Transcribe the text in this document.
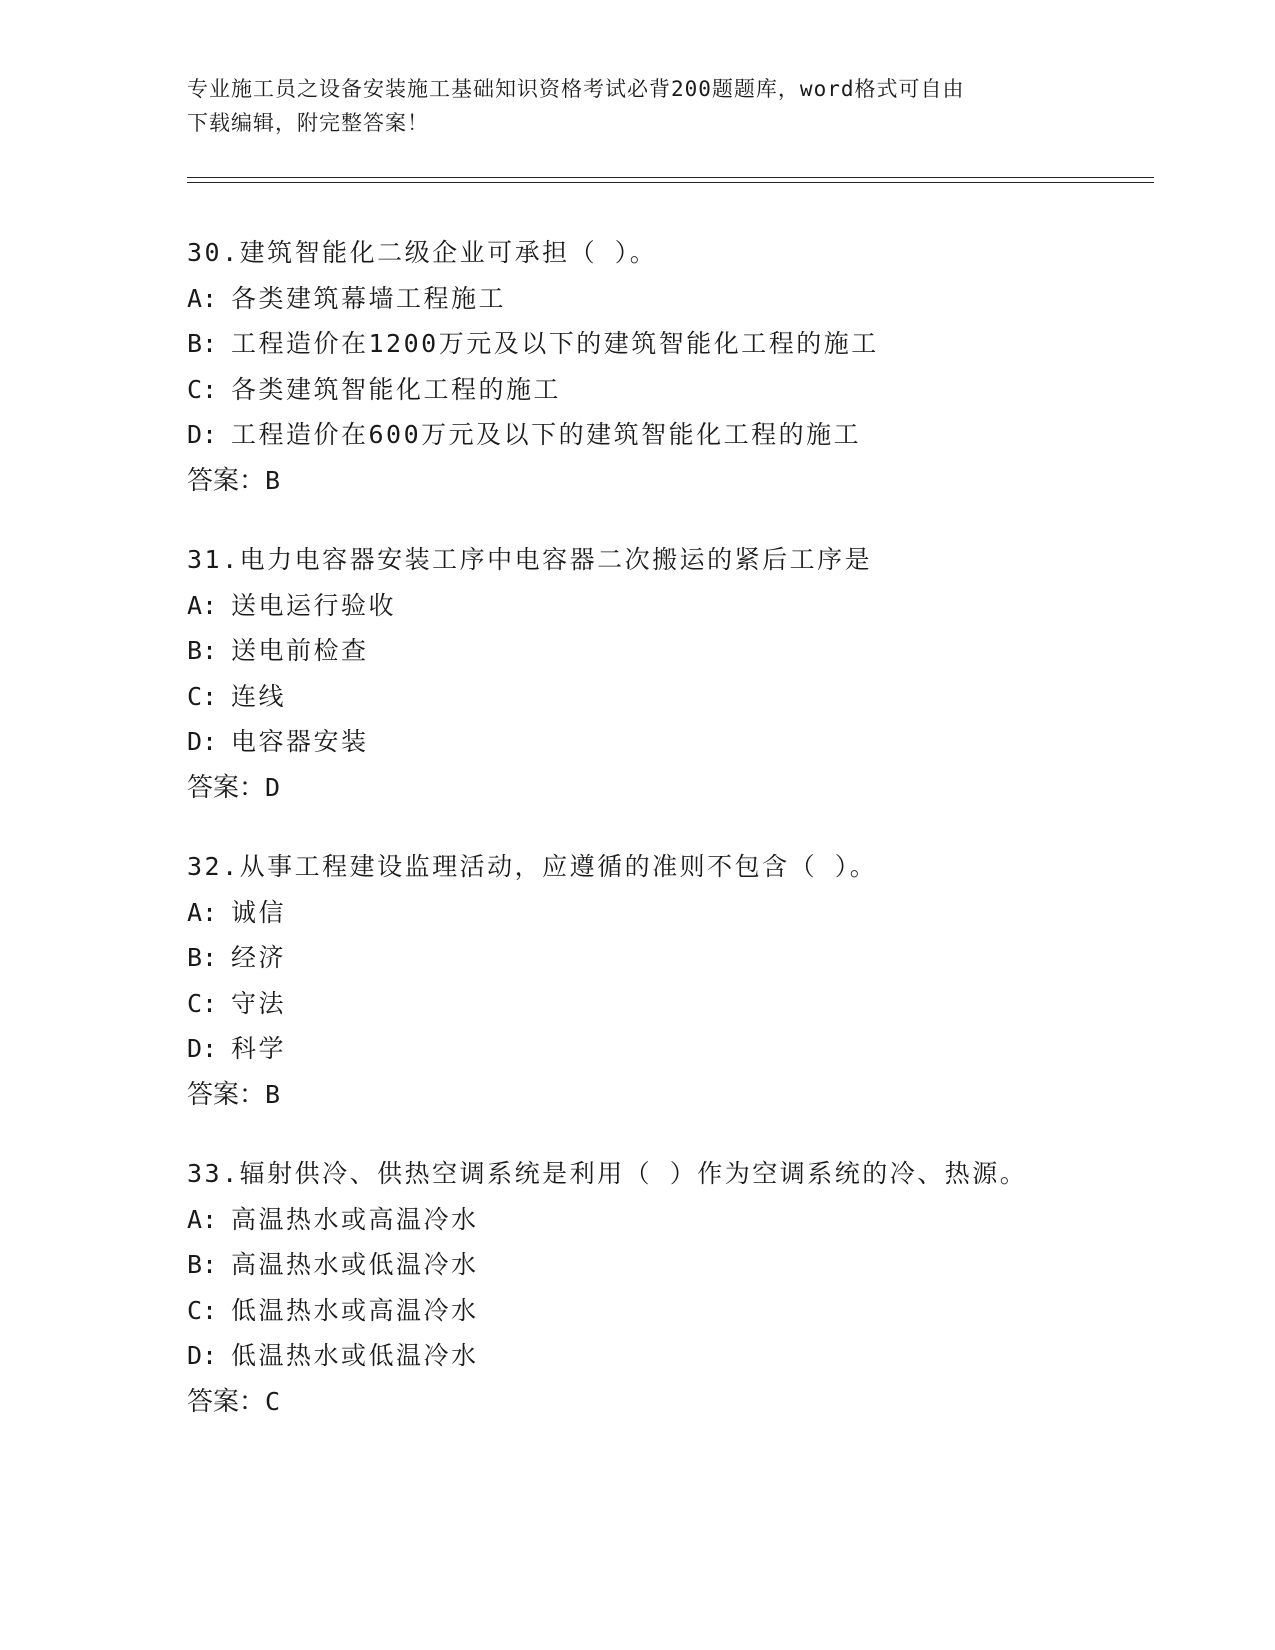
专业施工员之设备安装施工基础知识资格考试必背200题题库，word格式可自由
下载编辑，附完整答案！
30.建筑智能化二级企业可承担（ ）。
A: 各类建筑幕墙工程施工
B: 工程造价在1200万元及以下的建筑智能化工程的施工
C: 各类建筑智能化工程的施工
D: 工程造价在600万元及以下的建筑智能化工程的施工
答案：B
31.电力电容器安装工序中电容器二次搬运的紧后工序是
A: 送电运行验收
B: 送电前检查
C: 连线
D: 电容器安装
答案：D
32.从事工程建设监理活动，应遵循的准则不包含（ ）。
A: 诚信
B: 经济
C: 守法
D: 科学
答案：B
33.辐射供冷、供热空调系统是利用（ ）作为空调系统的冷、热源。
A: 高温热水或高温冷水
B: 高温热水或低温冷水
C: 低温热水或高温冷水
D: 低温热水或低温冷水
答案：C
